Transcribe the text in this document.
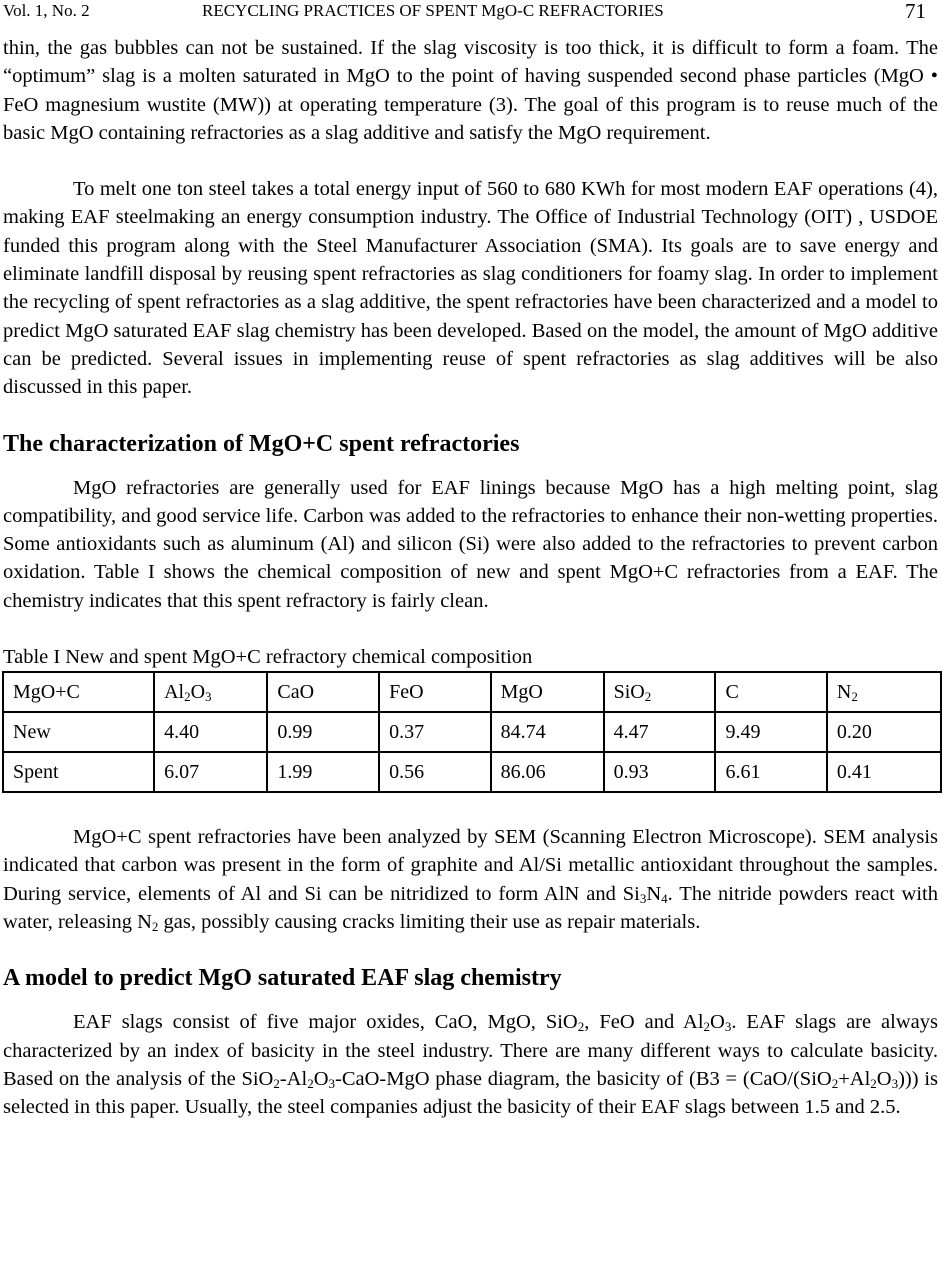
Vol. 1, No. 2	RECYCLING PRACTICES OF SPENT MgO-C REFRACTORIES	71

thin, the gas bubbles can not be sustained. If the slag viscosity is too thick, it is difficult to form a foam. The “optimum” slag is a molten saturated in MgO to the point of having suspended second phase particles (MgO • FeO magnesium wustite (MW)) at operating temperature (3). The goal of this program is to reuse much of the basic MgO containing refractories as a slag additive and satisfy the MgO requirement.

To melt one ton steel takes a total energy input of 560 to 680 KWh for most modern EAF operations (4), making EAF steelmaking an energy consumption industry. The Office of Industrial Technology (OIT) , USDOE funded this program along with the Steel Manufacturer Association (SMA). Its goals are to save energy and eliminate landfill disposal by reusing spent refractories as slag conditioners for foamy slag. In order to implement the recycling of spent refractories as a slag additive, the spent refractories have been characterized and a model to predict MgO saturated EAF slag chemistry has been developed. Based on the model, the amount of MgO additive can be predicted. Several issues in implementing reuse of spent refractories as slag additives will be also discussed in this paper.

The characterization of MgO+C spent refractories

MgO refractories are generally used for EAF linings because MgO has a high melting point, slag compatibility, and good service life. Carbon was added to the refractories to enhance their non-wetting properties. Some antioxidants such as aluminum (Al) and silicon (Si) were also added to the refractories to prevent carbon oxidation. Table I shows the chemical composition of new and spent MgO+C refractories from a EAF. The chemistry indicates that this spent refractory is fairly clean.

Table I New and spent MgO+C refractory chemical composition
MgO+C	$Al_2O_3$	CaO	FeO	MgO	SiO$_2$	C	$N_2$
New	4.40	0.99	0.37	84.74	4.47	9.49	0.20
Spent	6.07	1.99	0.56	86.06	0.93	6.61	0.41

MgO+C spent refractories have been analyzed by SEM (Scanning Electron Microscope). SEM analysis indicated that carbon was present in the form of graphite and Al/Si metallic antioxidant throughout the samples. During service, elements of Al and Si can be nitridized to form AlN and $Si_3N_4$. The nitride powders react with water, releasing $N_2$ gas, possibly causing cracks limiting their use as repair materials.

A model to predict MgO saturated EAF slag chemistry

EAF slags consist of five major oxides, CaO, MgO, SiO$_2$, FeO and $Al_2O_3$. EAF slags are always characterized by an index of basicity in the steel industry. There are many different ways to calculate basicity. Based on the analysis of the $SiO_2-Al_2O_3-CaO$-MgO phase diagram, the basicity of $(B3 = (CaO/(SiO_2+Al_2O_3)))$ is selected in this paper. Usually, the steel companies adjust the basicity of their EAF slags between 1.5 and 2.5.
